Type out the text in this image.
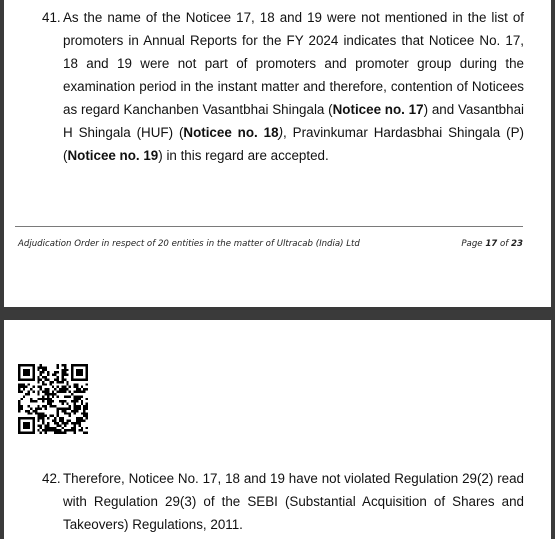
41. As the name of the Noticee 17, 18 and 19 were not mentioned in the list of promoters in Annual Reports for the FY 2024 indicates that Noticee No. 17, 18 and 19 were not part of promoters and promoter group during the examination period in the instant matter and therefore, contention of Noticees as regard Kanchanben Vasantbhai Shingala (Noticee no. 17) and Vasantbhai H Shingala (HUF) (Noticee no. 18), Pravinkumar Hardasbhai Shingala (P) (Noticee no. 19) in this regard are accepted.
Adjudication Order in respect of 20 entities in the matter of Ultracab (India) Ltd	Page 17 of 23
42. Therefore, Noticee No. 17, 18 and 19 have not violated Regulation 29(2) read with Regulation 29(3) of the SEBI (Substantial Acquisition of Shares and Takeovers) Regulations, 2011.
